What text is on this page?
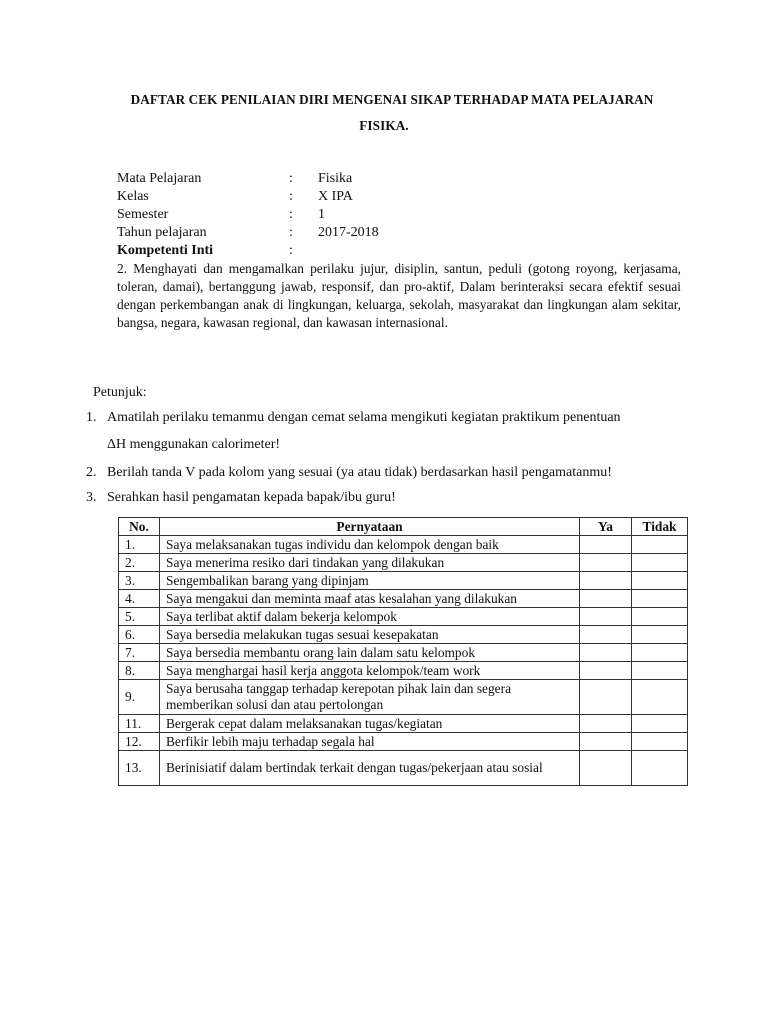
DAFTAR CEK PENILAIAN DIRI MENGENAI SIKAP TERHADAP MATA PELAJARAN
FISIKA.
Mata Pelajaran	:	Fisika
Kelas	:	X IPA
Semester	:	1
Tahun pelajaran	:	2017-2018
Kompetenti Inti	:
2. Menghayati dan mengamalkan perilaku jujur, disiplin, santun, peduli (gotong royong, kerjasama, toleran, damai), bertanggung jawab, responsif, dan pro-aktif, Dalam berinteraksi secara efektif sesuai dengan perkembangan anak di lingkungan, keluarga, sekolah, masyarakat dan lingkungan alam sekitar, bangsa, negara, kawasan regional, dan kawasan internasional.
Petunjuk:
1. Amatilah perilaku temanmu dengan cemat selama mengikuti kegiatan praktikum penentuan
ΔH menggunakan calorimeter!
2. Berilah tanda V pada kolom yang sesuai (ya atau tidak) berdasarkan hasil pengamatanmu!
3. Serahkan hasil pengamatan kepada bapak/ibu guru!
No.	Pernyataan	Ya	Tidak
1.	Saya melaksanakan tugas individu dan kelompok dengan baik		
2.	Saya menerima resiko dari tindakan yang dilakukan		
3.	Sengembalikan barang yang dipinjam		
4.	Saya mengakui dan meminta maaf atas kesalahan yang dilakukan		
5.	Saya terlibat aktif dalam bekerja kelompok		
6.	Saya bersedia melakukan tugas sesuai kesepakatan		
7.	Saya bersedia membantu orang lain dalam satu kelompok		
8.	Saya menghargai hasil kerja anggota kelompok/team work		
9.	Saya berusaha tanggap terhadap kerepotan pihak lain dan segera memberikan solusi dan atau pertolongan		
11.	Bergerak cepat dalam melaksanakan tugas/kegiatan		
12.	Berfikir lebih maju terhadap segala hal		
13.	Berinisiatif dalam bertindak terkait dengan tugas/pekerjaan atau sosial		
